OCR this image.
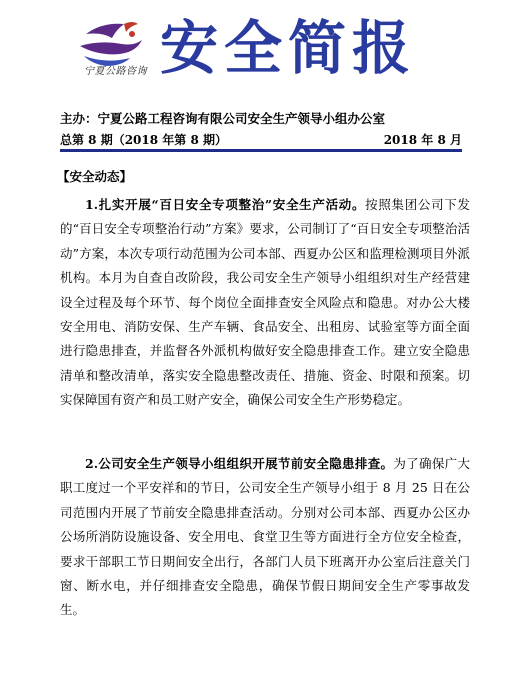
宁夏公路咨询 安全简报
主办：宁夏公路工程咨询有限公司安全生产领导小组办公室
总第 8 期（2018 年第 8 期）	2018 年 8 月
【安全动态】

1.扎实开展“百日安全专项整治”安全生产活动。按照集团公司下发的“百日安全专项整治行动”方案》要求，公司制订了“百日安全专项整治活动”方案，本次专项行动范围为公司本部、西夏办公区和监理检测项目外派机构。本月为自查自改阶段，我公司安全生产领导小组组织对生产经营建设全过程及每个环节、每个岗位全面排查安全风险点和隐患。对办公大楼安全用电、消防安保、生产车辆、食品安全、出租房、试验室等方面全面进行隐患排查，并监督各外派机构做好安全隐患排查工作。建立安全隐患清单和整改清单，落实安全隐患整改责任、措施、资金、时限和预案。切实保障国有资产和员工财产安全，确保公司安全生产形势稳定。

2.公司安全生产领导小组组织开展节前安全隐患排查。为了确保广大职工度过一个平安祥和的节日，公司安全生产领导小组于 8 月 25 日在公司范围内开展了节前安全隐患排查活动。分别对公司本部、西夏办公区办公场所消防设施设备、安全用电、食堂卫生等方面进行全方位安全检查，要求干部职工节日期间安全出行，各部门人员下班离开办公室后注意关门窗、断水电，并仔细排查安全隐患，确保节假日期间安全生产零事故发生。
